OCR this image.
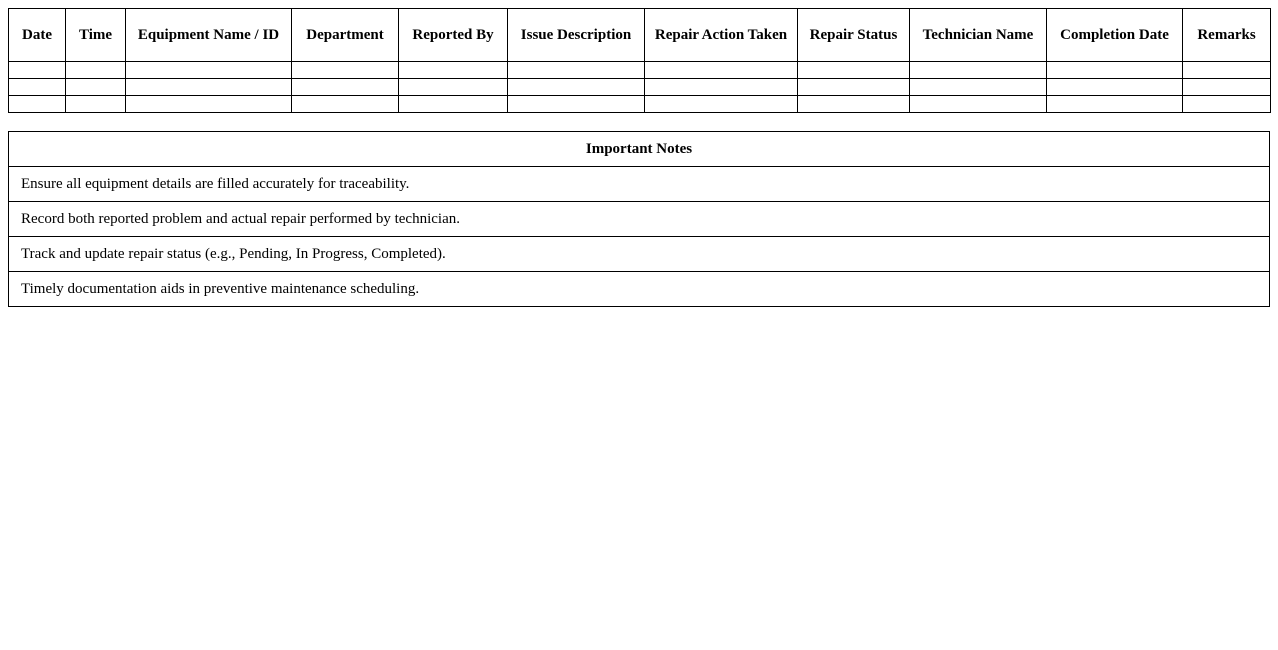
Date	Time	Equipment Name / ID	Department	Reported By	Issue Description	Repair Action Taken	Repair Status	Technician Name	Completion Date	Remarks

Important Notes
Ensure all equipment details are filled accurately for traceability.
Record both reported problem and actual repair performed by technician.
Track and update repair status (e.g., Pending, In Progress, Completed).
Timely documentation aids in preventive maintenance scheduling.
